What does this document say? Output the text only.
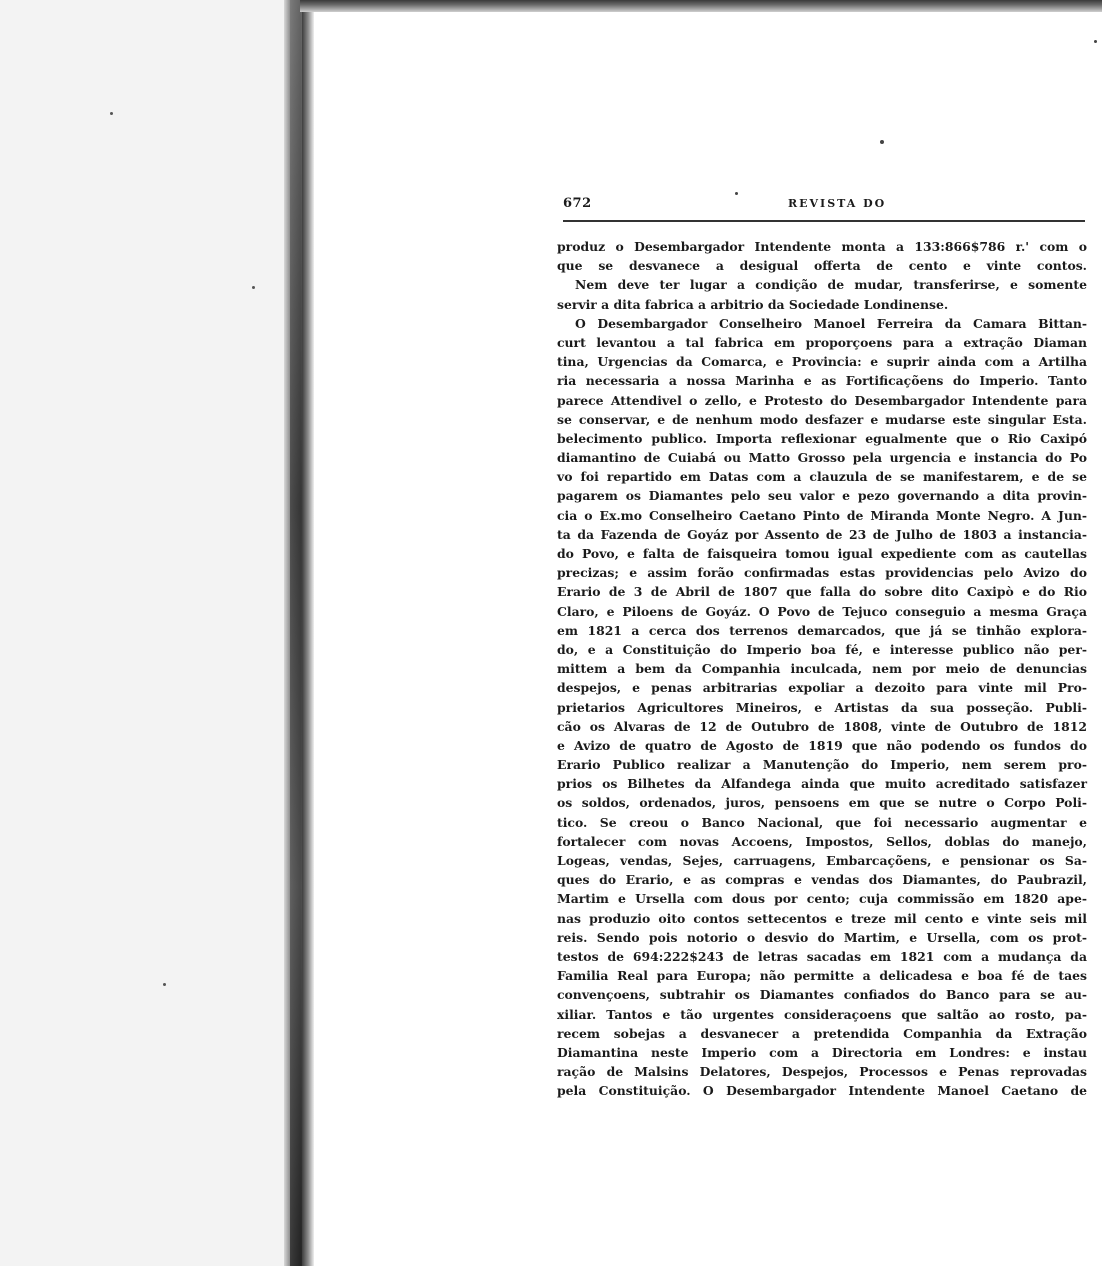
672	REVISTA DO
produz o Desembargador Intendente monta a 133:866$786 r.' com o
que se desvanece a desigual offerta de cento e vinte contos.
Nem deve ter lugar a condição de mudar, transferirse, e somente
servir a dita fabrica a arbitrio da Sociedade Londinense.
O Desembargador Conselheiro Manoel Ferreira da Camara Bittan-
curt levantou a tal fabrica em proporçoens para a extração Diaman
tina, Urgencias da Comarca, e Provincia: e suprir ainda com a Artilha
ria necessaria a nossa Marinha e as Fortificaçõens do Imperio. Tanto
parece Attendivel o zello, e Protesto do Desembargador Intendente para
se conservar, e de nenhum modo desfazer e mudarse este singular Esta.
belecimento publico. Importa reflexionar egualmente que o Rio Caxipó
diamantino de Cuiabá ou Matto Grosso pela urgencia e instancia do Po
vo foi repartido em Datas com a clauzula de se manifestarem, e de se
pagarem os Diamantes pelo seu valor e pezo governando a dita provin-
cia o Ex.mo Conselheiro Caetano Pinto de Miranda Monte Negro. A Jun-
ta da Fazenda de Goyáz por Assento de 23 de Julho de 1803 a instancia-
do Povo, e falta de faisqueira tomou igual expediente com as cautellas
precizas; e assim forão confirmadas estas providencias pelo Avizo do
Erario de 3 de Abril de 1807 que falla do sobre dito Caxipò e do Rio
Claro, e Piloens de Goyáz. O Povo de Tejuco conseguio a mesma Graça
em 1821 a cerca dos terrenos demarcados, que já se tinhão explora-
do, e a Constituição do Imperio boa fé, e interesse publico não per-
mittem a bem da Companhia inculcada, nem por meio de denuncias
despejos, e penas arbitrarias expoliar a dezoito para vinte mil Pro-
prietarios Agricultores Mineiros, e Artistas da sua posseção. Publi-
cão os Alvaras de 12 de Outubro de 1808, vinte de Outubro de 1812
e Avizo de quatro de Agosto de 1819 que não podendo os fundos do
Erario Publico realizar a Manutenção do Imperio, nem serem pro-
prios os Bilhetes da Alfandega ainda que muito acreditado satisfazer
os soldos, ordenados, juros, pensoens em que se nutre o Corpo Poli-
tico. Se creou o Banco Nacional, que foi necessario augmentar e
fortalecer com novas Accoens, Impostos, Sellos, doblas do manejo,
Logeas, vendas, Sejes, carruagens, Embarcaçõens, e pensionar os Sa-
ques do Erario, e as compras e vendas dos Diamantes, do Paubrazil,
Martim e Ursella com dous por cento; cuja commissão em 1820 ape-
nas produzio oito contos settecentos e treze mil cento e vinte seis mil
reis. Sendo pois notorio o desvio do Martim, e Ursella, com os prot-
testos de 694:222$243 de letras sacadas em 1821 com a mudança da
Familia Real para Europa; não permitte a delicadesa e boa fé de taes
convençoens, subtrahir os Diamantes confiados do Banco para se au-
xiliar. Tantos e tão urgentes consideraçoens que saltão ao rosto, pa-
recem sobejas a desvanecer a pretendida Companhia da Extração
Diamantina neste Imperio com a Directoria em Londres: e instau
ração de Malsins Delatores, Despejos, Processos e Penas reprovadas
pela Constituição. O Desembargador Intendente Manoel Caetano de
